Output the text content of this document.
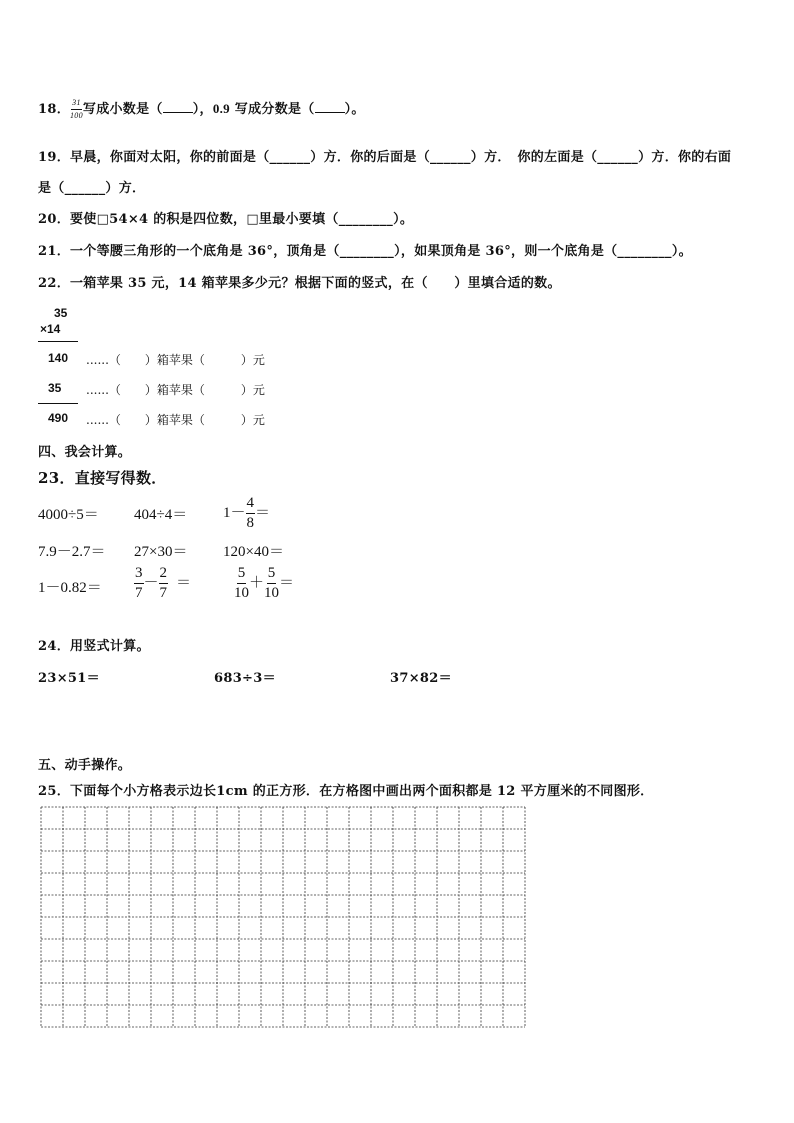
18． $\frac{31}{100}$ 写成小数是（ ），0.9 写成分数是（ ）。
19．早晨，你面对太阳，你的前面是（______）方．你的后面是（______）方．　你的左面是（______）方．你的右面
是（______）方．
20．要使□54×4 的积是四位数，□里最小要填（________）。
21．一个等腰三角形的一个底角是 36°，顶角是（________），如果顶角是 36°，则一个底角是（________）。
22．一箱苹果 35 元，14 箱苹果多少元？根据下面的竖式，在（　　）里填合适的数。
35
×14
140 ......（　　）箱苹果（　　　）元
35 ......（　　）箱苹果（　　　）元
490 ......（　　）箱苹果（　　　）元
四、我会计算。
23．直接写得数．
$4000\div 5= 404\div 4= 1- \frac{4}{8}$ ＝
7.9－2.7＝ 27×30＝ 120×40＝
$1-0.82= \frac{3}{7} - \frac{2}{7}$ ＝	$\frac{5}{10} + \frac{5}{10}$ ＝
24．用竖式计算。
23×51＝	683÷3＝	37×82＝
五、动手操作。
25．下面每个小方格表示边长1cm 的正方形．在方格图中画出两个面积都是 12 平方厘米的不同图形．
